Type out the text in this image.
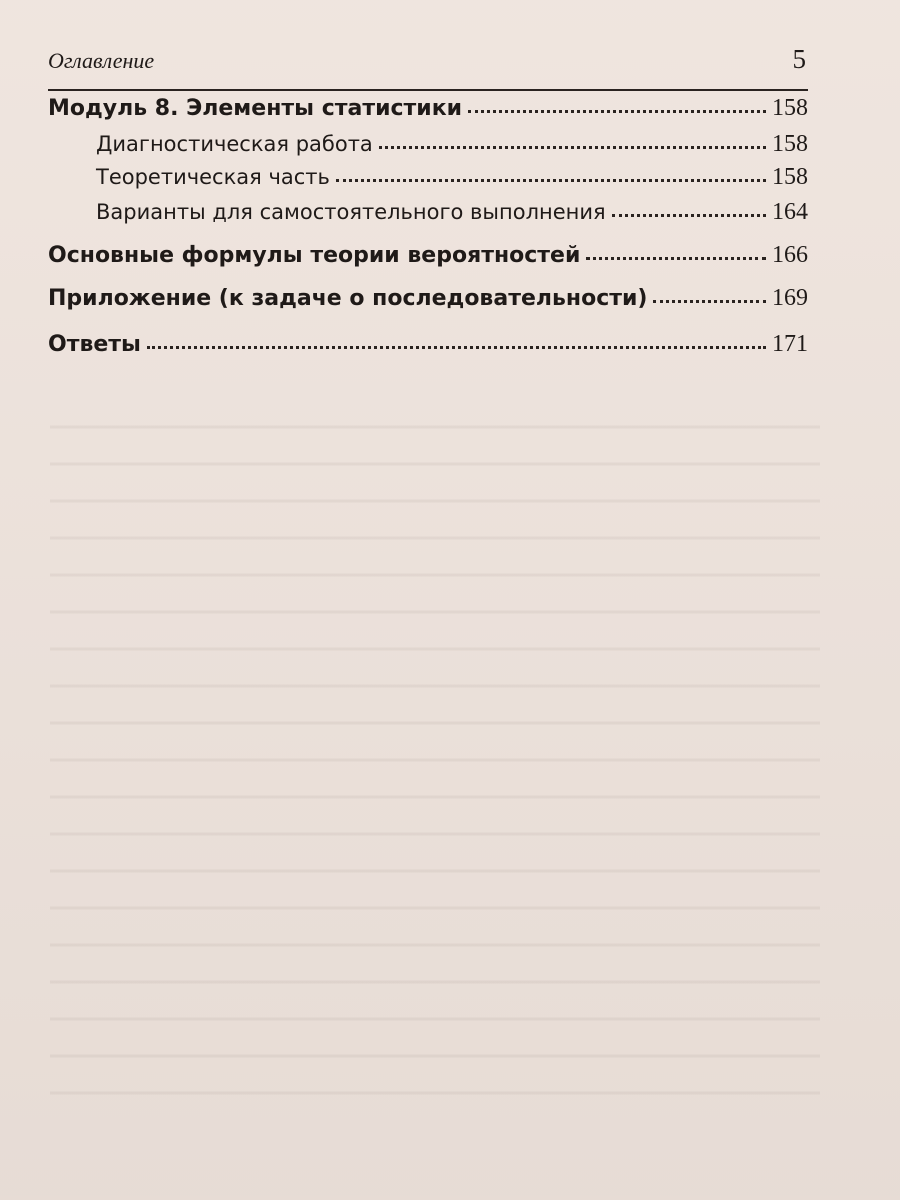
Оглавление	5
Модуль 8. Элементы статистики	158
Диагностическая работа	158
Теоретическая часть	158
Варианты для самостоятельного выполнения	164
Основные формулы теории вероятностей	166
Приложение (к задаче о последовательности)	169
Ответы	171
